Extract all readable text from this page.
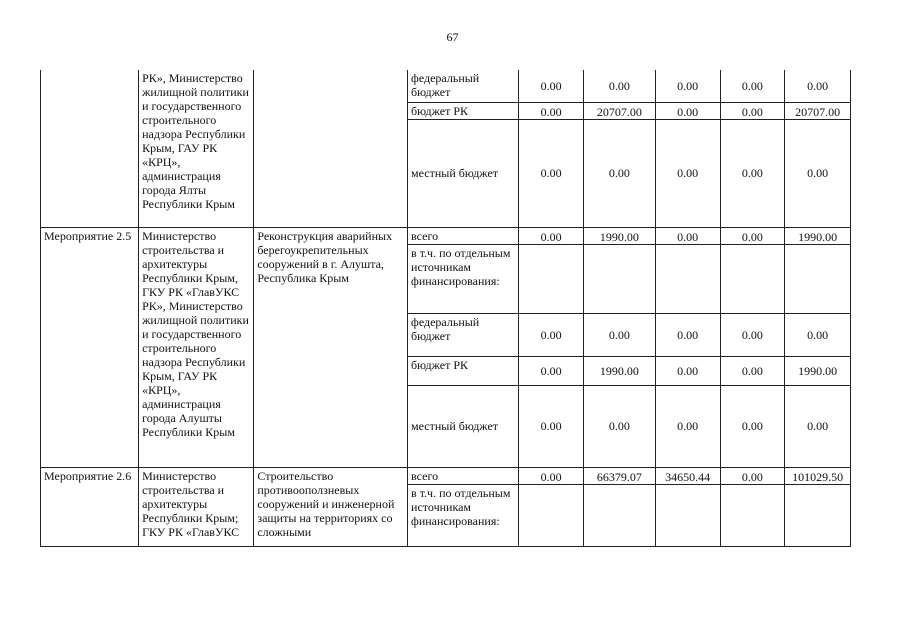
67
	РК», Министерство жилищной политики и государственного строительного надзора Республики Крым, ГАУ РК «КРЦ», администрация города Ялты Республики Крым		федеральный бюджет	0.00	0.00	0.00	0.00	0.00
			бюджет РК	0.00	20707.00	0.00	0.00	20707.00
			местный бюджет	0.00	0.00	0.00	0.00	0.00
Мероприятие 2.5	Министерство строительства и архитектуры Республики Крым, ГКУ РК «ГлавУКС РК», Министерство жилищной политики и государственного строительного надзора Республики Крым, ГАУ РК «КРЦ», администрация города Алушты Республики Крым	Реконструкция аварийных берегоукрепительных сооружений в г. Алушта, Республика Крым	всего	0.00	1990.00	0.00	0.00	1990.00
			в т.ч. по отдельным источникам финансирования:					
			федеральный бюджет	0.00	0.00	0.00	0.00	0.00
			бюджет РК	0.00	1990.00	0.00	0.00	1990.00
			местный бюджет	0.00	0.00	0.00	0.00	0.00
Мероприятие 2.6	Министерство строительства и архитектуры Республики Крым; ГКУ РК «ГлавУКС	Строительство противооползневых сооружений и инженерной защиты на территориях со сложными	всего	0.00	66379.07	34650.44	0.00	101029.50
			в т.ч. по отдельным источникам финансирования:					
